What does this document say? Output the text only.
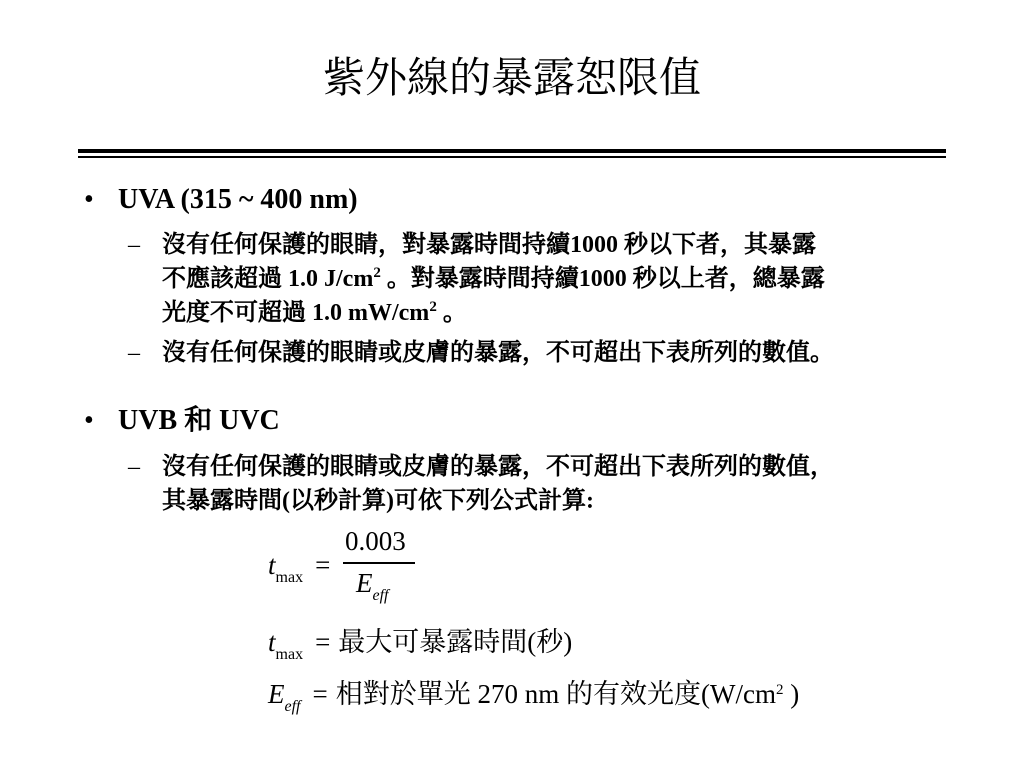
紫外線的暴露恕限值
• UVA (315 ~ 400 nm)
– 沒有任何保護的眼睛，對暴露時間持續1000 秒以下者，其暴露
不應該超過 1.0 $J/cm^2$ 。對暴露時間持續1000 秒以上者，總暴露
光度不可超過 1.0 $mW/cm^2$ 。
– 沒有任何保護的眼睛或皮膚的暴露，不可超出下表所列的數值。
• UVB 和 UVC
– 沒有任何保護的眼睛或皮膚的暴露，不可超出下表所列的數值，
其暴露時間(以秒計算)可依下列公式計算:
$t_{max}$ =
0.003
$E_{eff}$
$t_{max}$ = 最大可暴露時間(秒)
$E_{eff}$ = 相對於單光 270 nm 的有效光度($W/cm^2$ )
